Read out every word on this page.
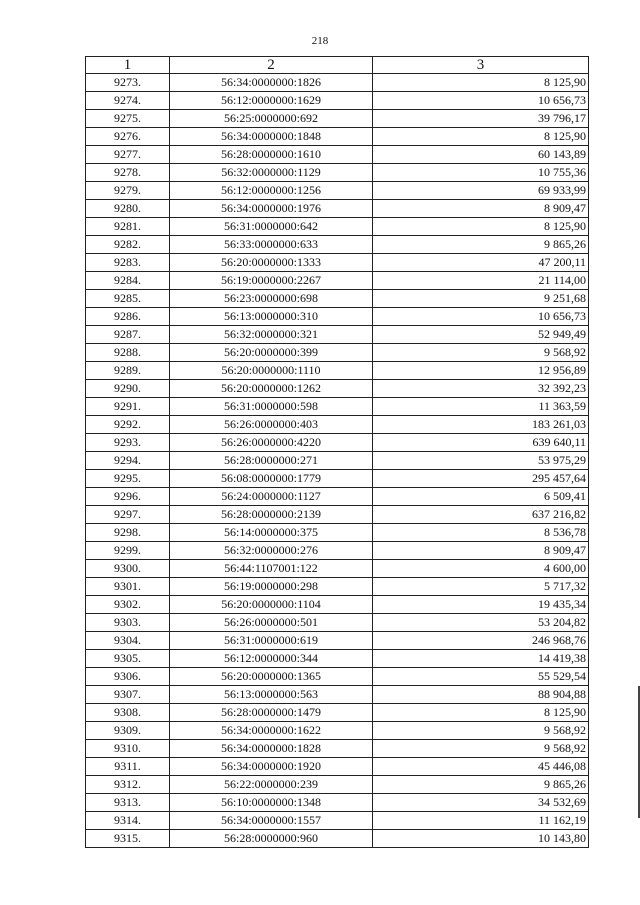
218
1	2	3
9273.	56:34:0000000:1826	8 125,90
9274.	56:12:0000000:1629	10 656,73
9275.	56:25:0000000:692	39 796,17
9276.	56:34:0000000:1848	8 125,90
9277.	56:28:0000000:1610	60 143,89
9278.	56:32:0000000:1129	10 755,36
9279.	56:12:0000000:1256	69 933,99
9280.	56:34:0000000:1976	8 909,47
9281.	56:31:0000000:642	8 125,90
9282.	56:33:0000000:633	9 865,26
9283.	56:20:0000000:1333	47 200,11
9284.	56:19:0000000:2267	21 114,00
9285.	56:23:0000000:698	9 251,68
9286.	56:13:0000000:310	10 656,73
9287.	56:32:0000000:321	52 949,49
9288.	56:20:0000000:399	9 568,92
9289.	56:20:0000000:1110	12 956,89
9290.	56:20:0000000:1262	32 392,23
9291.	56:31:0000000:598	11 363,59
9292.	56:26:0000000:403	183 261,03
9293.	56:26:0000000:4220	639 640,11
9294.	56:28:0000000:271	53 975,29
9295.	56:08:0000000:1779	295 457,64
9296.	56:24:0000000:1127	6 509,41
9297.	56:28:0000000:2139	637 216,82
9298.	56:14:0000000:375	8 536,78
9299.	56:32:0000000:276	8 909,47
9300.	56:44:1107001:122	4 600,00
9301.	56:19:0000000:298	5 717,32
9302.	56:20:0000000:1104	19 435,34
9303.	56:26:0000000:501	53 204,82
9304.	56:31:0000000:619	246 968,76
9305.	56:12:0000000:344	14 419,38
9306.	56:20:0000000:1365	55 529,54
9307.	56:13:0000000:563	88 904,88
9308.	56:28:0000000:1479	8 125,90
9309.	56:34:0000000:1622	9 568,92
9310.	56:34:0000000:1828	9 568,92
9311.	56:34:0000000:1920	45 446,08
9312.	56:22:0000000:239	9 865,26
9313.	56:10:0000000:1348	34 532,69
9314.	56:34:0000000:1557	11 162,19
9315.	56:28:0000000:960	10 143,80
